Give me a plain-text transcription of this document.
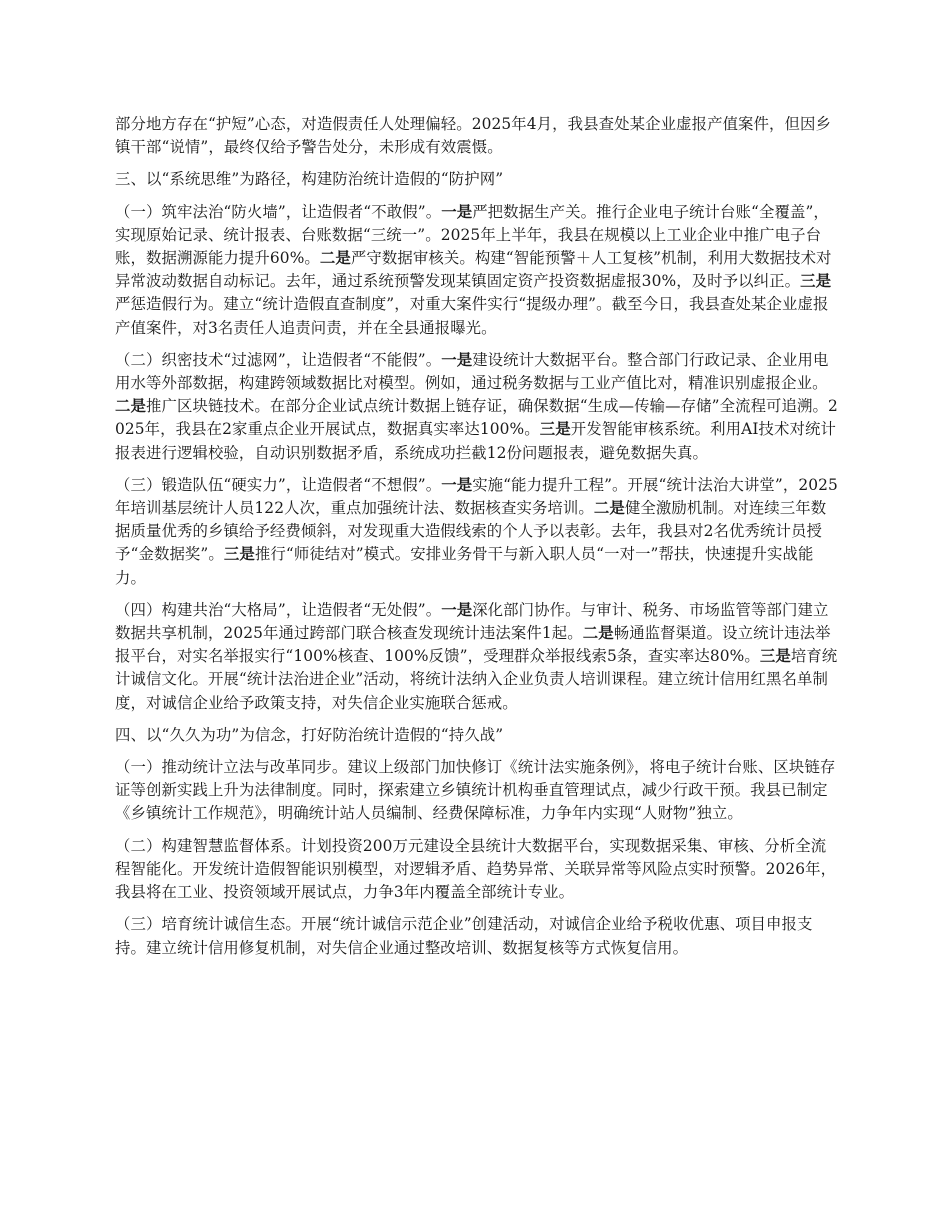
部分地方存在“护短”心态，对造假责任人处理偏轻。2025年4月，我县查处某企业虚报产值案件，但因乡镇干部“说情”，最终仅给予警告处分，未形成有效震慑。

三、以“系统思维”为路径，构建防治统计造假的“防护网”

（一）筑牢法治“防火墙”，让造假者“不敢假”。一是严把数据生产关。推行企业电子统计台账“全覆盖”，实现原始记录、统计报表、台账数据“三统一”。2025年上半年，我县在规模以上工业企业中推广电子台账，数据溯源能力提升60%。二是严守数据审核关。构建“智能预警＋人工复核”机制，利用大数据技术对异常波动数据自动标记。去年，通过系统预警发现某镇固定资产投资数据虚报30%，及时予以纠正。三是严惩造假行为。建立“统计造假直查制度”，对重大案件实行“提级办理”。截至今日，我县查处某企业虚报产值案件，对3名责任人追责问责，并在全县通报曝光。

（二）织密技术“过滤网”，让造假者“不能假”。一是建设统计大数据平台。整合部门行政记录、企业用电用水等外部数据，构建跨领域数据比对模型。例如，通过税务数据与工业产值比对，精准识别虚报企业。二是推广区块链技术。在部分企业试点统计数据上链存证，确保数据“生成—传输—存储”全流程可追溯。2025年，我县在2家重点企业开展试点，数据真实率达100%。三是开发智能审核系统。利用AI技术对统计报表进行逻辑校验，自动识别数据矛盾，系统成功拦截12份问题报表，避免数据失真。

（三）锻造队伍“硬实力”，让造假者“不想假”。一是实施“能力提升工程”。开展“统计法治大讲堂”，2025年培训基层统计人员122人次，重点加强统计法、数据核查实务培训。二是健全激励机制。对连续三年数据质量优秀的乡镇给予经费倾斜，对发现重大造假线索的个人予以表彰。去年，我县对2名优秀统计员授予“金数据奖”。三是推行“师徒结对”模式。安排业务骨干与新入职人员“一对一”帮扶，快速提升实战能力。

（四）构建共治“大格局”，让造假者“无处假”。一是深化部门协作。与审计、税务、市场监管等部门建立数据共享机制，2025年通过跨部门联合核查发现统计违法案件1起。二是畅通监督渠道。设立统计违法举报平台，对实名举报实行“100%核查、100%反馈”，受理群众举报线索5条，查实率达80%。三是培育统计诚信文化。开展“统计法治进企业”活动，将统计法纳入企业负责人培训课程。建立统计信用红黑名单制度，对诚信企业给予政策支持，对失信企业实施联合惩戒。

四、以“久久为功”为信念，打好防治统计造假的“持久战”

（一）推动统计立法与改革同步。建议上级部门加快修订《统计法实施条例》，将电子统计台账、区块链存证等创新实践上升为法律制度。同时，探索建立乡镇统计机构垂直管理试点，减少行政干预。我县已制定《乡镇统计工作规范》，明确统计站人员编制、经费保障标准，力争年内实现“人财物”独立。

（二）构建智慧监督体系。计划投资200万元建设全县统计大数据平台，实现数据采集、审核、分析全流程智能化。开发统计造假智能识别模型，对逻辑矛盾、趋势异常、关联异常等风险点实时预警。2026年，我县将在工业、投资领域开展试点，力争3年内覆盖全部统计专业。

（三）培育统计诚信生态。开展“统计诚信示范企业”创建活动，对诚信企业给予税收优惠、项目申报支持。建立统计信用修复机制，对失信企业通过整改培训、数据复核等方式恢复信用。
